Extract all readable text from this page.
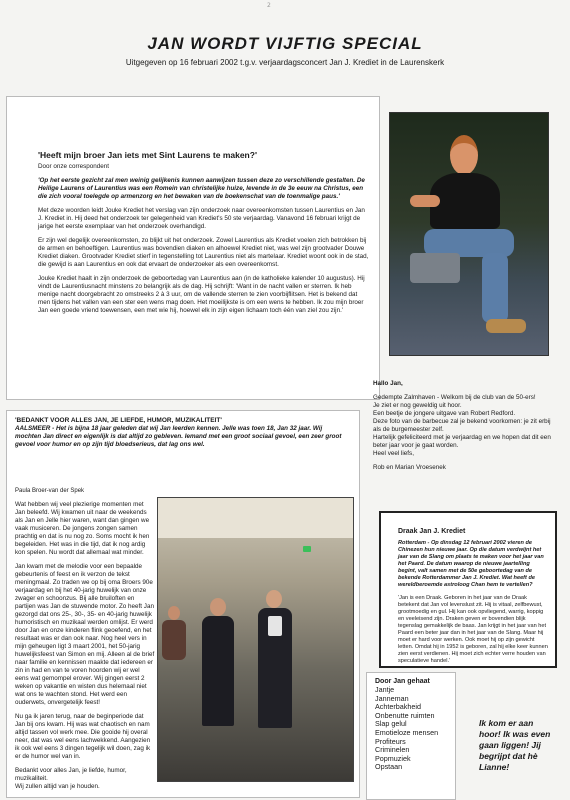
2
JAN WORDT VIJFTIG SPECIAL
Uitgegeven op 16 februari 2002 t.g.v. verjaardagsconcert Jan J. Krediet in de Laurenskerk
'Heeft mijn broer Jan iets met Sint Laurens te maken?'

Door onze correspondent

'Op het eerste gezicht zal men weinig gelijkenis kunnen aanwijzen tussen deze zo verschillende gestalten. De Heilige Laurens of Laurentius was een Romein van christelijke huize, levende in de 3e eeuw na Christus, een die zich vooral toelegde op armenzorg en het bewaken van de boekenschat van de toenmalige paus.'

Met deze woorden leidt Jouke Krediet het verslag van zijn onderzoek naar overeenkomsten tussen Laurentius en Jan J. Krediet in. Hij deed het onderzoek ter gelegenheid van Krediet's 50 ste verjaardag. Vanavond 16 februari krijgt de jarige het eerste exemplaar van het onderzoek overhandigd.

Er zijn wel degelijk overeenkomsten, zo blijkt uit het onderzoek. Zowel Laurentius als Krediet voelen zich betrokken bij de armen en behoeftigen. Laurentius was bovendien diaken en alhoewel Krediet niet, was wel zijn grootvader Douwe Krediet diaken. Grootvader Krediet stierf in tegenstelling tot Laurentius niet als martelaar. Krediet woont ook in de stad, die gewijd is aan Laurentius en ook dat ervaart de onderzoeker als een overeenkomst.

Jouke Krediet haalt in zijn onderzoek de geboortedag van Laurentius aan (in de katholieke kalender 10 augustus). Hij vindt de Laurentiusnacht minstens zo belangrijk als de dag. Hij schrijft: 'Want in de nacht vallen er sterren. Ik heb menige nacht doorgebracht zo omstreeks 2 à 3 uur, om de vallende sterren te zien voorbijflitsen. Het is bekend dat men tijdens het vallen van een ster een wens mag doen. Het moeilijkste is om een wens te hebben. Ik zou mijn broer Jan een goede vriend toewensen, een met wie hij, hoewel elk in zijn eigen lichaam toch één van ziel zou zijn.'

Hallo Jan,

Gedempte Zalmhaven - Welkom bij de club van de 50-ers!
Je ziet er nog geweldig uit hoor.
Een beetje de jongere uitgave van Robert Redford.
Deze foto van de barbecue zal je bekend voorkomen: je zit erbij als de burgemeester zelf.
Hartelijk gefeliciteerd met je verjaardag en we hopen dat dit een beter jaar voor je gaat worden.
Heel veel liefs,
Rob en Marian Vroesenek
'BEDANKT VOOR ALLES JAN, JE LIEFDE, HUMOR, MUZIKALITEIT'
AALSMEER - Het is bijna 18 jaar geleden dat wij Jan leerden kennen. Jelle was toen 18, Jan 32 jaar. Wij mochten Jan direct en eigenlijk is dat altijd zo gebleven. Iemand met een groot sociaal gevoel, een zeer groot gevoel voor humor en op zijn tijd bloedserieus, dat lag ons wel.

Paula Broer-van der Spek

Wat hebben wij veel plezierige momenten met Jan beleefd. Wij kwamen uit naar de weekends als Jan en Jelle hier waren, want dan gingen we vaak musiceren. De jongens zongen samen prachtig en dat is nu nog zo. Soms mocht ik hen begeleiden. Het was in die tijd, dat ik nog ardig kon spelen. Nu wordt dat allemaal wat minder.

Jan kwam met de melodie voor een bepaalde gebeurtenis of feest en ik verzon de tekst meningmaal. Zo traden we op bij oma Broers 90e verjaardag en bij het 40-jarig huwelijk van onze zwager en schoonzus. Bij alle bruiloften en partijen was Jan de stuwende motor. Zo heeft Jan gezorgd dat ons 25-, 30-, 35- en 40-jarig huwelijk humoristisch en muzikaal werden omlijst. Er werd door Jan en onze kinderen flink geoefend, en het resultaat was er dan ook naar. Nog heel vers in mijn geheugen ligt 3 maart 2001, het 50-jarig huwelijksfeest van Simon en mij. Alleen al de brief naar familie en kennissen maakte dat iedereen er zin in had en van te voren hoorden wij er wel eens wat gemompel erover. Wij gingen eerst 2 weken op vakantie en wisten dus helemaal niet wat ons te wachten stond. Het werd een ouderwets, onvergetelijk feest!

Nu ga ik jaren terug, naar de beginperiode dat Jan bij ons kwam. Hij was wat chaotisch en nam altijd tassen vol werk mee. Die gooide hij overal neer, dat was wel eens lachwekkend. Aangezien ik ook wel eens 3 dingen tegelijk wil doen, zag ik er de humor wel van in.

Bedankt voor alles Jan, je liefde, humor, muzikaliteit.
Wij zullen altijd van je houden.
Draak Jan J. Krediet

Rotterdam - Op dinsdag 12 februari 2002 vieren de Chinezen hun nieuwe jaar. Op die datum verdwijnt het jaar van de Slang om plaats te maken voor het jaar van het Paard. De datum waarop de nieuwe jaartelling begint, valt samen met de 50e geboortedag van de bekende Rotterdammer Jan J. Krediet. Wat heeft de wereldberoemde astroloog Chan hem te vertellen?

'Jan is een Draak. Geboren in het jaar van de Draak betekent dat Jan vol levenslust zit. Hij is vitaal, zelfbewust, grootmoedig en gul. Hij kan ook opvliegend, warrig, koppig en veeleisend zijn. Draken geven er bovendien blijk tegenslag gemakkelijk de baas. Jan krijgt in het jaar van het Paard een beter jaar dan in het jaar van de Slang. Maar hij moet er hard voor werken. Ook moet hij op zijn gewicht letten. Omdat hij in 1952 is geboren, zal hij elke keer kunnen zien eerst verdienen. Hij moet zich echter verre houden van speculatieve handel.'

Door Jan gehaat
Jantje
Janneman
Achterbakheid
Onbenutte ruimten
Slap gelul
Emotieloze mensen
Profiteurs
Criminelen
Popmuziek
Opstaan
Ik kom er aan hoor! Ik was even gaan liggen! Jij begrijpt dat hè Lianne!
